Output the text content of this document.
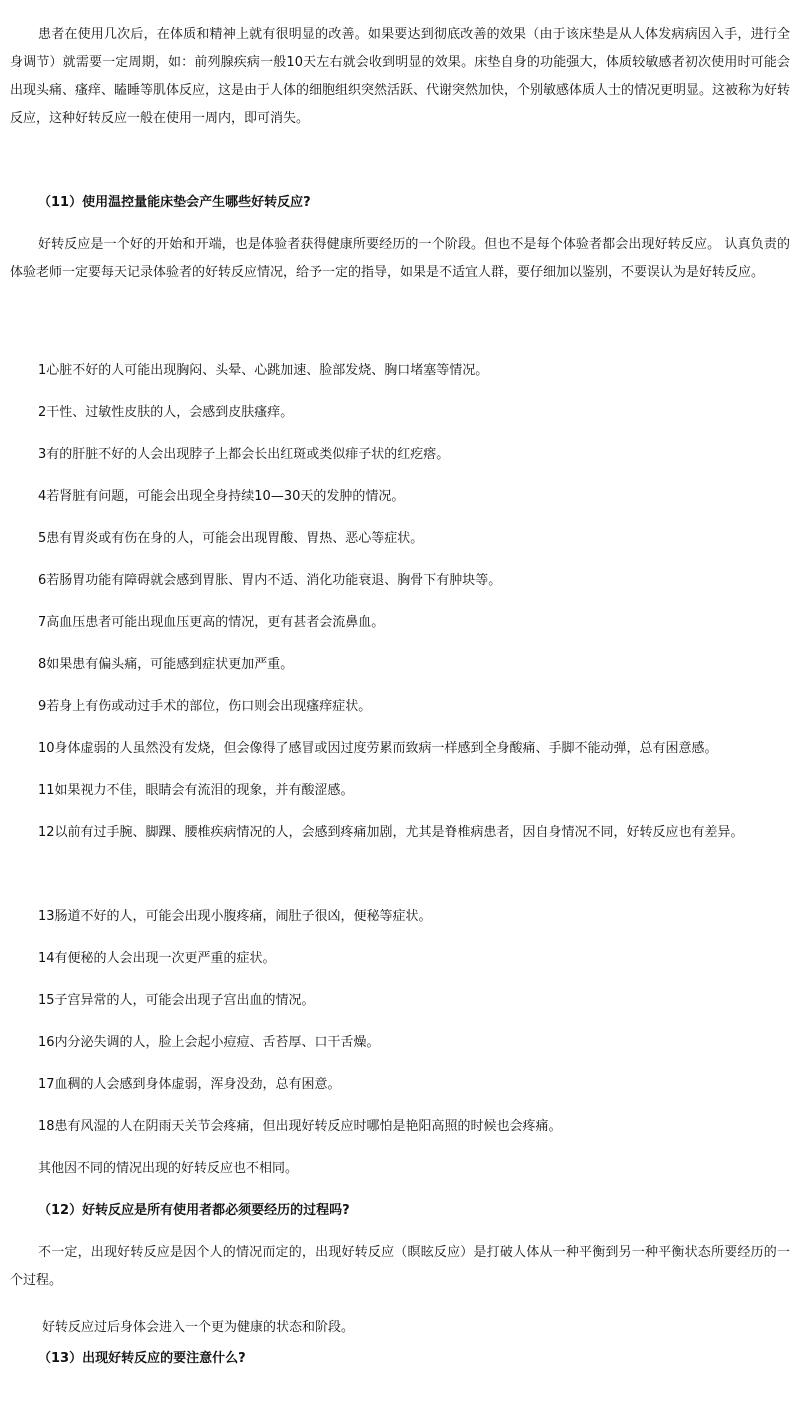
患者在使用几次后，在体质和精神上就有很明显的改善。如果要达到彻底改善的效果（由于该床垫是从人体发病病因入手，进行全身调节）就需要一定周期，如：前列腺疾病一般10天左右就会收到明显的效果。床垫自身的功能强大，体质较敏感者初次使用时可能会出现头痛、瘙痒、瞌睡等肌体反应，这是由于人体的细胞组织突然活跃、代谢突然加快，个别敏感体质人士的情况更明显。这被称为好转反应，这种好转反应一般在使用一周内，即可消失。

（11）使用温控量能床垫会产生哪些好转反应?

好转反应是一个好的开始和开端，也是体验者获得健康所要经历的一个阶段。但也不是每个体验者都会出现好转反应。 认真负责的体验老师一定要每天记录体验者的好转反应情况，给予一定的指导，如果是不适宜人群，要仔细加以鉴别，不要误认为是好转反应。

1心脏不好的人可能出现胸闷、头晕、心跳加速、脸部发烧、胸口堵塞等情况。

2干性、过敏性皮肤的人，会感到皮肤瘙痒。

3有的肝脏不好的人会出现脖子上都会长出红斑或类似痱子状的红疙瘩。

4若肾脏有问题，可能会出现全身持续10—30天的发肿的情况。

5患有胃炎或有伤在身的人，可能会出现胃酸、胃热、恶心等症状。

6若肠胃功能有障碍就会感到胃胀、胃内不适、消化功能衰退、胸骨下有肿块等。

7高血压患者可能出现血压更高的情况，更有甚者会流鼻血。

8如果患有偏头痛，可能感到症状更加严重。

9若身上有伤或动过手术的部位，伤口则会出现瘙痒症状。

10身体虚弱的人虽然没有发烧，但会像得了感冒或因过度劳累而致病一样感到全身酸痛、手脚不能动弹，总有困意感。

11如果视力不佳，眼睛会有流泪的现象，并有酸涩感。

12以前有过手腕、脚踝、腰椎疾病情况的人，会感到疼痛加剧，尤其是脊椎病患者，因自身情况不同，好转反应也有差异。

13肠道不好的人，可能会出现小腹疼痛，闹肚子很凶，便秘等症状。

14有便秘的人会出现一次更严重的症状。

15子宫异常的人，可能会出现子宫出血的情况。

16内分泌失调的人，脸上会起小痘痘、舌苔厚、口干舌燥。

17血稠的人会感到身体虚弱，浑身没劲，总有困意。

18患有风湿的人在阴雨天关节会疼痛，但出现好转反应时哪怕是艳阳高照的时候也会疼痛。

其他因不同的情况出现的好转反应也不相同。

（12）好转反应是所有使用者都必须要经历的过程吗?

不一定，出现好转反应是因个人的情况而定的，出现好转反应（瞑眩反应）是打破人体从一种平衡到另一种平衡状态所要经历的一个过程。

好转反应过后身体会进入一个更为健康的状态和阶段。

（13）出现好转反应的要注意什么?
